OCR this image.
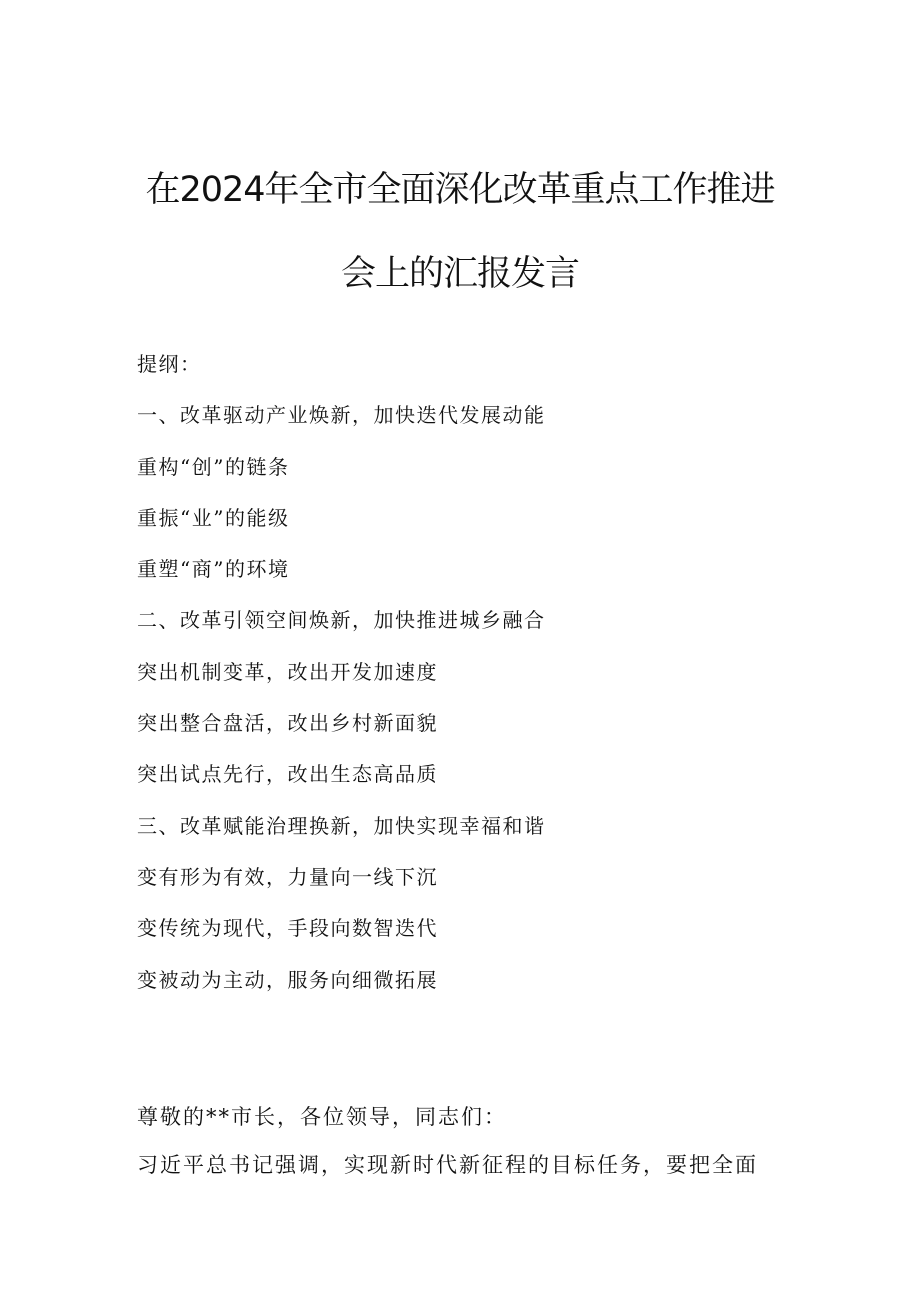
在2024年全市全面深化改革重点工作推进
会上的汇报发言
提纲：
一、改革驱动产业焕新，加快迭代发展动能
重构“创”的链条
重振“业”的能级
重塑“商”的环境
二、改革引领空间焕新，加快推进城乡融合
突出机制变革，改出开发加速度
突出整合盘活，改出乡村新面貌
突出试点先行，改出生态高品质
三、改革赋能治理换新，加快实现幸福和谐
变有形为有效，力量向一线下沉
变传统为现代，手段向数智迭代
变被动为主动，服务向细微拓展
尊敬的**市长，各位领导，同志们：
习近平总书记强调，实现新时代新征程的目标任务，要把全面
